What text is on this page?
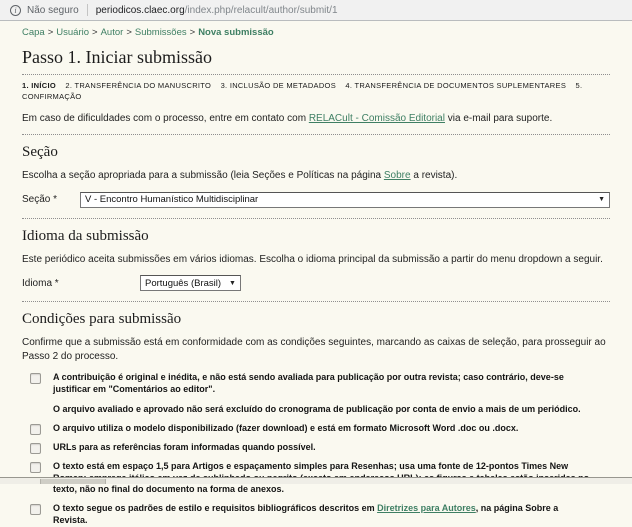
i	Não seguro periodicos.claec.org /index.php/relacult/author/submit/1
Capa > Usuário > Autor > Submissões > Nova submissão
Passo 1. Iniciar submissão
1. INÍCIO 2. TRANSFERÊNCIA DO MANUSCRITO 3. INCLUSÃO DE METADADOS 4. TRANSFERÊNCIA DE DOCUMENTOS SUPLEMENTARES 5. CONFIRMAÇÃO
Em caso de dificuldades com o processo, entre em contato com RELACult - Comissão Editorial via e-mail para suporte.
Seção
Escolha a seção apropriada para a submissão (leia Seções e Políticas na página Sobre a revista).
Seção *	V - Encontro Humanístico Multidisciplinar	▼
Idioma da submissão
Este periódico aceita submissões em vários idiomas. Escolha o idioma principal da submissão a partir do menu dropdown a seguir.
Idioma *	Português (Brasil) ▼
Condições para submissão
Confirme que a submissão está em conformidade com as condições seguintes, marcando as caixas de seleção, para prosseguir ao Passo 2 do processo.

A contribuição é original e inédita, e não está sendo avaliada para publicação por outra revista; caso contrário, deve-se justificar em "Comentários ao editor".

O arquivo avaliado e aprovado não será excluído do cronograma de publicação por conta de envio a mais de um periódico.

O arquivo utiliza o modelo disponibilizado (fazer download) e está em formato Microsoft Word .doc ou .docx.
URLs para as referências foram informadas quando possível.
O texto está em espaço 1,5 para Artigos e espaçamento simples para Resenhas; usa uma fonte de 12-pontos Times New texto, não no final do documento na forma de anexos.
O texto segue os padrões de estilo e requisitos bibliográficos descritos em Diretrizes para Autores, na página Sobre a Revista.
